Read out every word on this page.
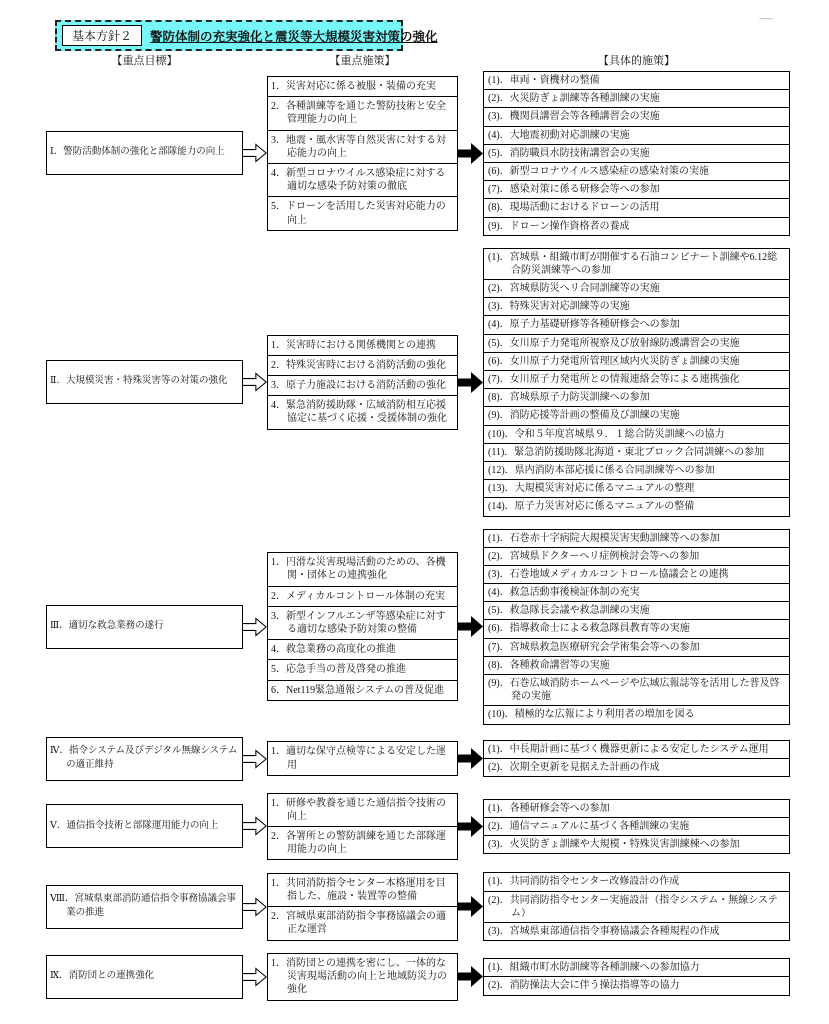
基本方針２	警防体制の充実強化と震災等大規模災害対策の強化
―
【重点目標】	【重点施策】	【具体的施策】
Ⅰ．警防活動体制の強化と部隊能力の向上
1．災害対応に係る被服・装備の充実
2．各種訓練等を通じた警防技術と安全管理能力の向上
3．地震・風水害等自然災害に対する対応能力の向上
4．新型コロナウイルス感染症に対する適切な感染予防対策の徹底
5．ドローンを活用した災害対応能力の向上
(1)．車両・資機材の整備
(2)．火災防ぎょ訓練等各種訓練の実施
(3)．機関員講習会等各種講習会の実施
(4)．大地震初動対応訓練の実施
(5)．消防職員水防技術講習会の実施
(6)．新型コロナウイルス感染症の感染対策の実施
(7)．感染対策に係る研修会等への参加
(8)．現場活動におけるドローンの活用
(9)．ドローン操作資格者の養成
Ⅱ．大規模災害・特殊災害等の対策の強化
1．災害時における関係機関との連携
2．特殊災害時における消防活動の強化
3．原子力施設における消防活動の強化
4．緊急消防援助隊・広域消防相互応援協定に基づく応援・受援体制の強化
(1)．宮城県・組織市町が開催する石油コンビナート訓練や6.12総合防災訓練等への参加
(2)．宮城県防災ヘリ合同訓練等の実施
(3)．特殊災害対応訓練等の実施
(4)．原子力基礎研修等各種研修会への参加
(5)．女川原子力発電所視察及び放射線防護講習会の実施
(6)．女川原子力発電所管理区域内火災防ぎょ訓練の実施
(7)．女川原子力発電所との情報連絡会等による連携強化
(8)．宮城県原子力防災訓練への参加
(9)．消防応援等計画の整備及び訓練の実施
(10)．令和５年度宮城県９．１総合防災訓練への協力
(11)．緊急消防援助隊北海道・東北ブロック合同訓練への参加
(12)．県内消防本部応援に係る合同訓練等への参加
(13)．大規模災害対応に係るマニュアルの整理
(14)．原子力災害対応に係るマニュアルの整備
Ⅲ．適切な救急業務の遂行
1．円滑な災害現場活動のための、各機関・団体との連携強化
2．メディカルコントロール体制の充実
3．新型インフルエンザ等感染症に対する適切な感染予防対策の整備
4．救急業務の高度化の推進
5．応急手当の普及啓発の推進
6．Net119緊急通報システムの普及促進
(1)．石巻赤十字病院大規模災害実動訓練等への参加
(2)．宮城県ドクターヘリ症例検討会等への参加
(3)．石巻地域メディカルコントロール協議会との連携
(4)．救急活動事後検証体制の充実
(5)．救急隊長会議や救急訓練の実施
(6)．指導救命士による救急隊員教育等の実施
(7)．宮城県救急医療研究会学術集会等への参加
(8)．各種救命講習等の実施
(9)．石巻広域消防ホームページや広域広報誌等を活用した普及啓発の実施
(10)．積極的な広報により利用者の増加を図る
Ⅳ．指令システム及びデジタル無線システムの適正維持
1．適切な保守点検等による安定した運用
(1)．中長期計画に基づく機器更新による安定したシステム運用
(2)．次期全更新を見据えた計画の作成
Ⅴ．通信指令技術と部隊運用能力の向上
1．研修や教養を通じた通信指令技術の向上
2．各署所との警防訓練を通じた部隊運用能力の向上
(1)．各種研修会等への参加
(2)．通信マニュアルに基づく各種訓練の実施
(3)．火災防ぎょ訓練や大規模・特殊災害訓練棟への参加
Ⅷ．宮城県東部消防通信指令事務協議会事業の推進
1．共同消防指令センター本格運用を目指した、施設・装置等の整備
2．宮城県東部消防指令事務協議会の適正な運営
(1)．共同消防指令センター改修設計の作成
(2)．共同消防指令センター実施設計（指令システム・無線システム）
(3)．宮城県東部通信指令事務協議会各種規程の作成
Ⅸ．消防団との連携強化
1．消防団との連携を密にし、一体的な災害現場活動の向上と地域防災力の強化
(1)．組織市町水防訓練等各種訓練への参加協力
(2)．消防操法大会に伴う操法指導等の協力
